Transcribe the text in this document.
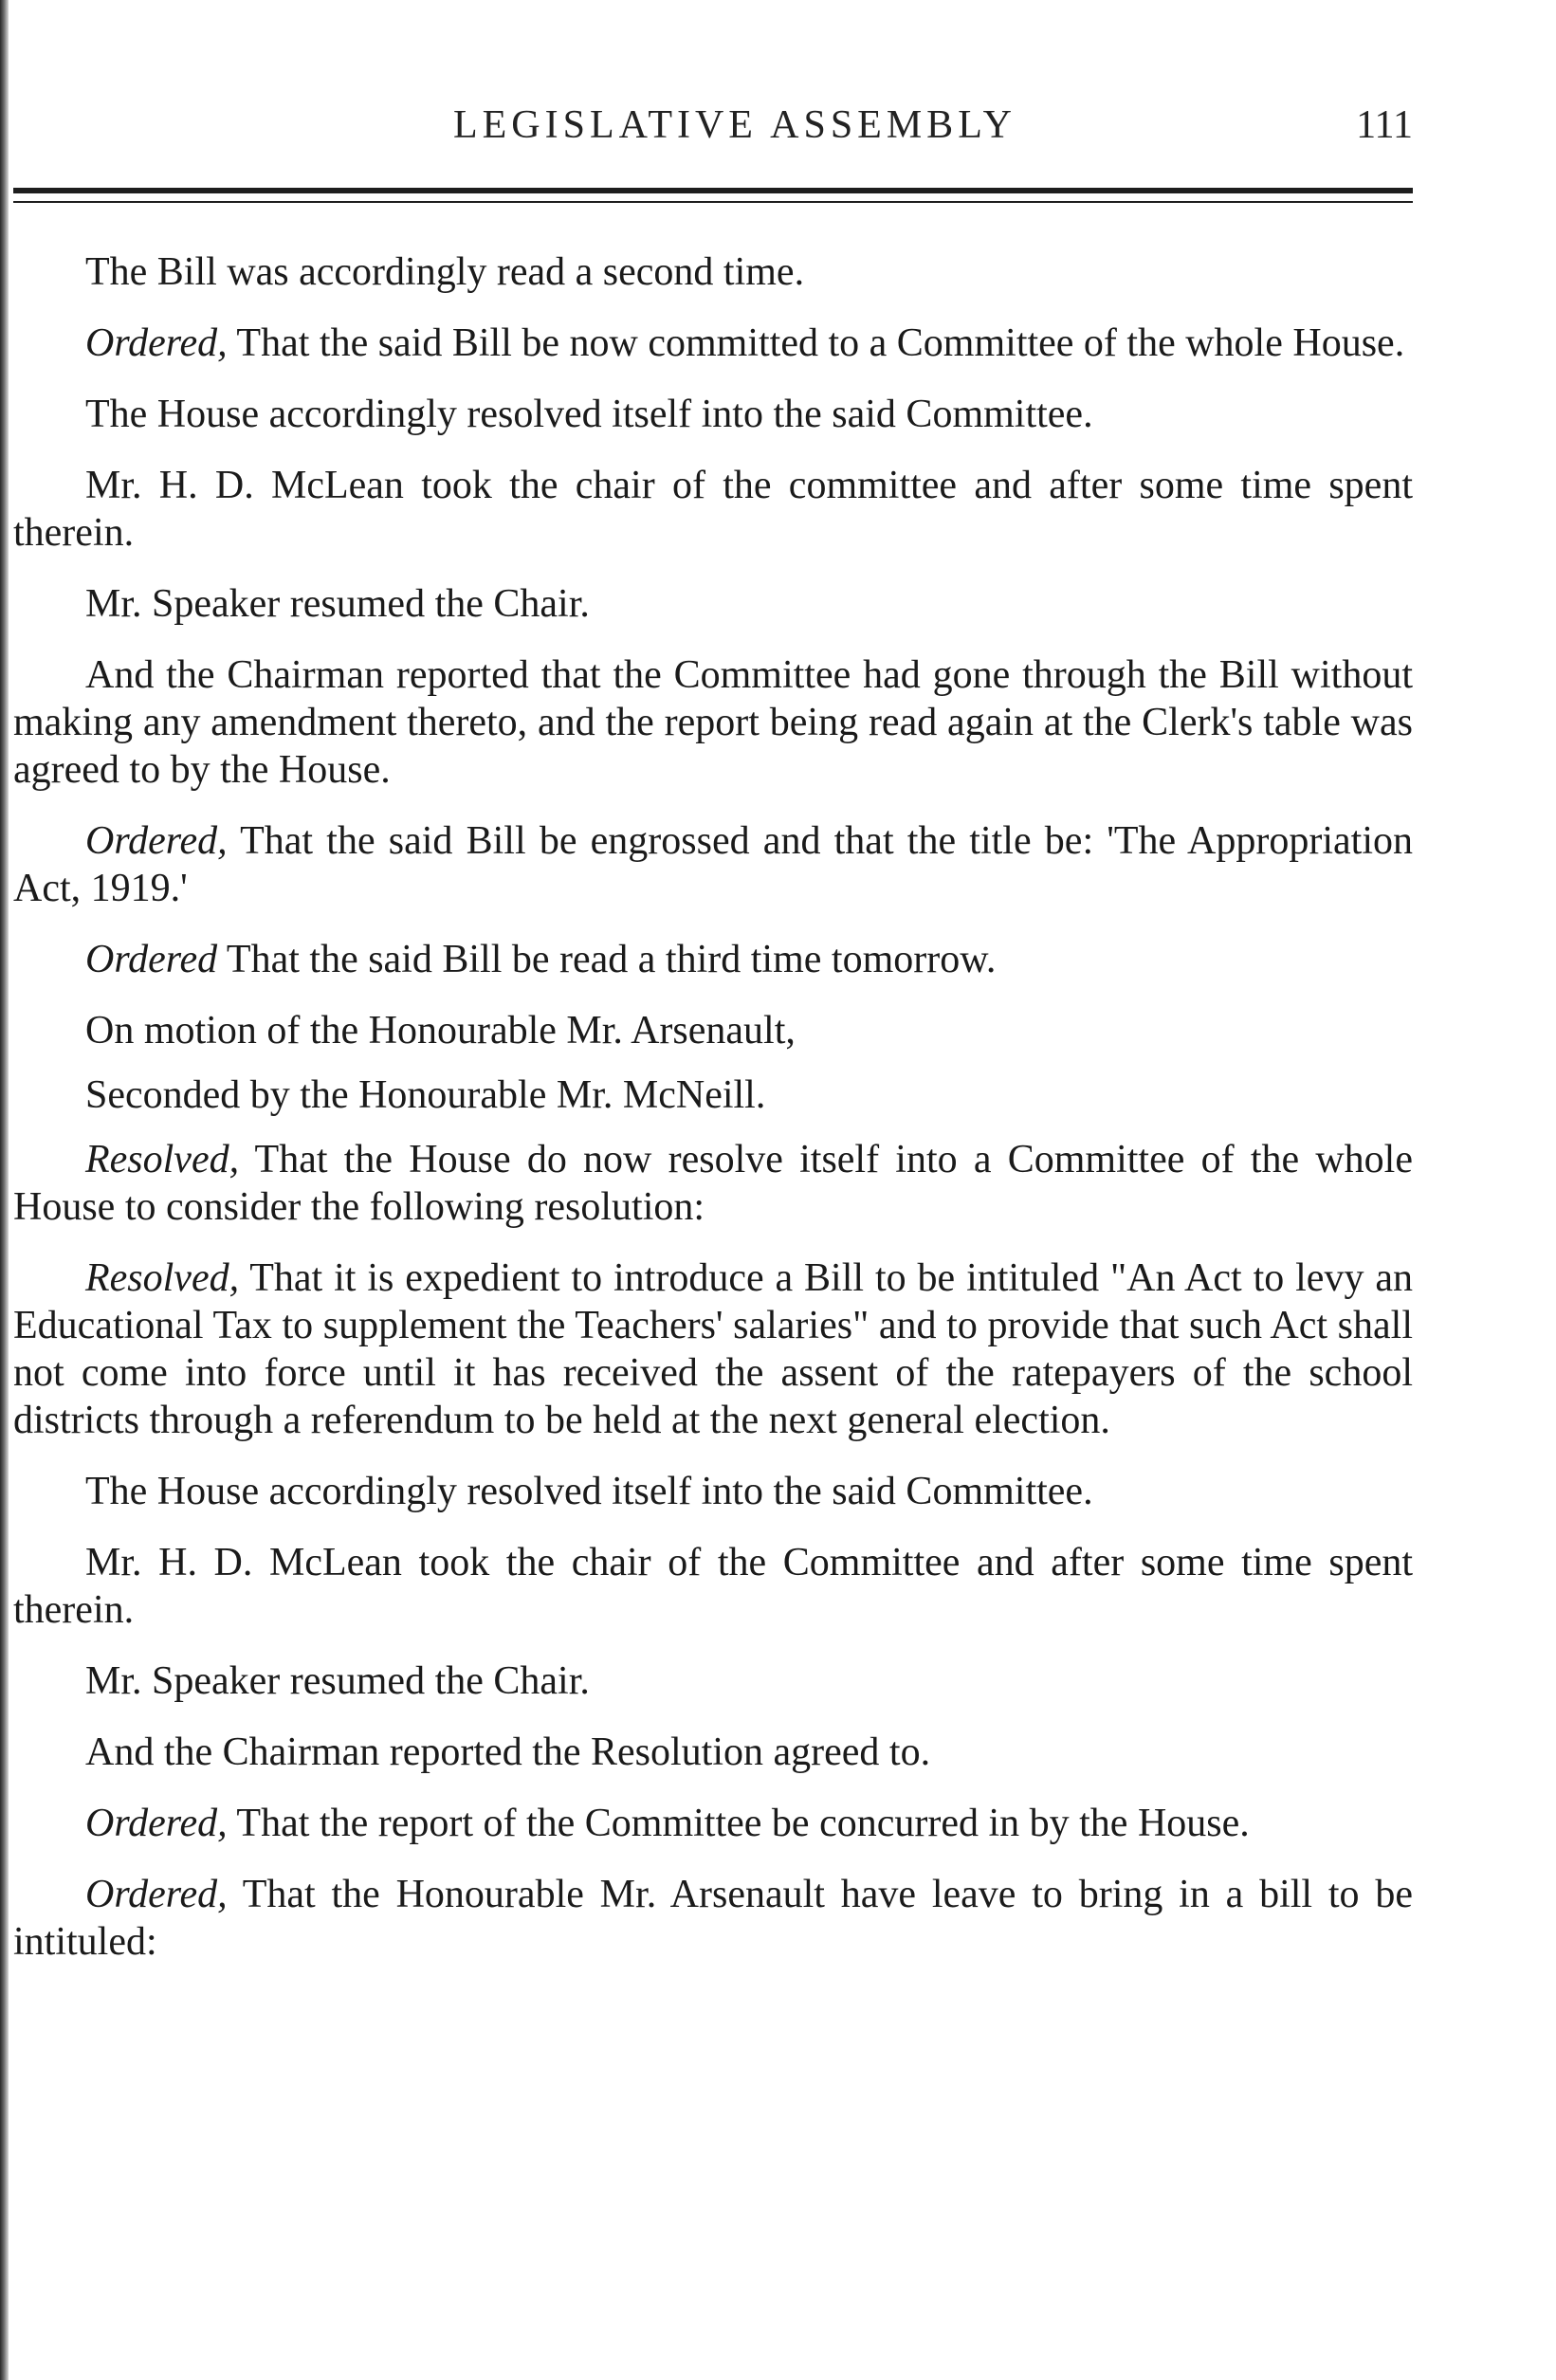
LEGISLATIVE ASSEMBLY	111

The Bill was accordingly read a second time.

Ordered, That the said Bill be now committed to a Committee of the whole House.

The House accordingly resolved itself into the said Committee.

Mr. H. D. McLean took the chair of the committee and after some time spent therein.

Mr. Speaker resumed the Chair.

And the Chairman reported that the Committee had gone through the Bill without making any amendment thereto, and the report being read again at the Clerk's table was agreed to by the House.

Ordered, That the said Bill be engrossed and that the title be: 'The Appropriation Act, 1919.'

Ordered That the said Bill be read a third time tomorrow.

On motion of the Honourable Mr. Arsenault,

Seconded by the Honourable Mr. McNeill.

Resolved, That the House do now resolve itself into a Committee of the whole House to consider the following resolution:

Resolved, That it is expedient to introduce a Bill to be intituled "An Act to levy an Educational Tax to supplement the Teachers' salaries" and to provide that such Act shall not come into force until it has received the assent of the ratepayers of the school districts through a referendum to be held at the next general election.

The House accordingly resolved itself into the said Committee.

Mr. H. D. McLean took the chair of the Committee and after some time spent therein.

Mr. Speaker resumed the Chair.

And the Chairman reported the Resolution agreed to.

Ordered, That the report of the Committee be concurred in by the House.

Ordered, That the Honourable Mr. Arsenault have leave to bring in a bill to be intituled:
